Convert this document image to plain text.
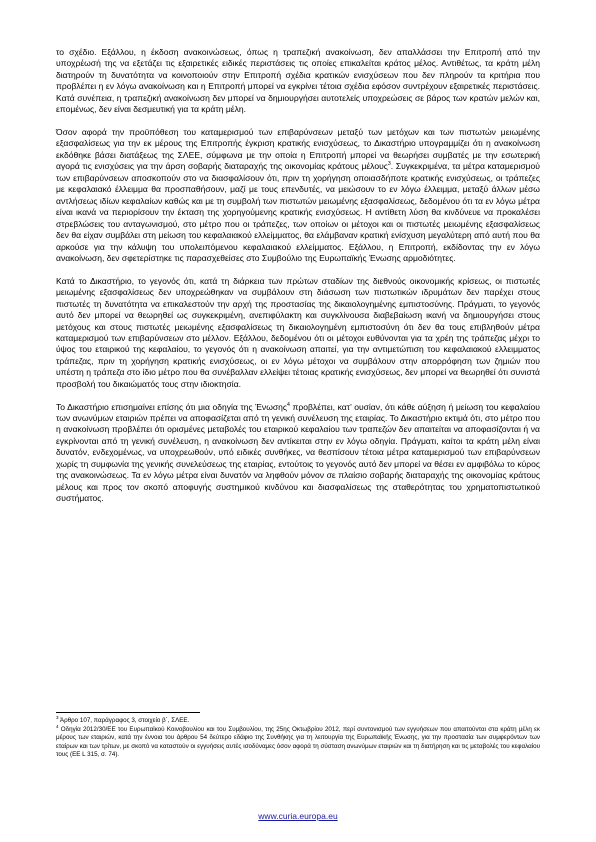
το σχέδιο. Εξάλλου, η έκδοση ανακοινώσεως, όπως η τραπεζική ανακοίνωση, δεν απαλλάσσει την Επιτροπή από την υποχρέωσή της να εξετάζει τις εξαιρετικές ειδικές περιστάσεις τις οποίες επικαλείται κράτος μέλος. Αντιθέτως, τα κράτη μέλη διατηρούν τη δυνατότητα να κοινοποιούν στην Επιτροπή σχέδια κρατικών ενισχύσεων που δεν πληρούν τα κριτήρια που προβλέπει η εν λόγω ανακοίνωση και η Επιτροπή μπορεί να εγκρίνει τέτοια σχέδια εφόσον συντρέχουν εξαιρετικές περιστάσεις. Κατά συνέπεια, η τραπεζική ανακοίνωση δεν μπορεί να δημιουργήσει αυτοτελείς υποχρεώσεις σε βάρος των κρατών μελών και, επομένως, δεν είναι δεσμευτική για τα κράτη μέλη.

Όσον αφορά την προϋπόθεση του καταμερισμού των επιβαρύνσεων μεταξύ των μετόχων και των πιστωτών μειωμένης εξασφαλίσεως για την εκ μέρους της Επιτροπής έγκριση κρατικής ενισχύσεως, το Δικαστήριο υπογραμμίζει ότι η ανακοίνωση εκδόθηκε βάσει διατάξεως της ΣΛΕΕ, σύμφωνα με την οποία η Επιτροπή μπορεί να θεωρήσει συμβατές με την εσωτερική αγορά τις ενισχύσεις για την άρση σοβαρής διαταραχής της οικονομίας κράτους μέλους$^3$. Συγκεκριμένα, τα μέτρα καταμερισμού των επιβαρύνσεων αποσκοπούν στο να διασφαλίσουν ότι, πριν τη χορήγηση οποιασδήποτε κρατικής ενισχύσεως, οι τράπεζες με κεφαλαιακό έλλειμμα θα προσπαθήσουν, μαζί με τους επενδυτές, να μειώσουν το εν λόγω έλλειμμα, μεταξύ άλλων μέσω αντλήσεως ιδίων κεφαλαίων καθώς και με τη συμβολή των πιστωτών μειωμένης εξασφαλίσεως, δεδομένου ότι τα εν λόγω μέτρα είναι ικανά να περιορίσουν την έκταση της χορηγούμενης κρατικής ενισχύσεως. Η αντίθετη λύση θα κινδύνευε να προκαλέσει στρεβλώσεις του ανταγωνισμού, στο μέτρο που οι τράπεζες, των οποίων οι μέτοχοι και οι πιστωτές μειωμένης εξασφαλίσεως δεν θα είχαν συμβάλει στη μείωση του κεφαλαιακού ελλείμματος, θα ελάμβαναν κρατική ενίσχυση μεγαλύτερη από αυτή που θα αρκούσε για την κάλυψη του υπολειπόμενου κεφαλαιακού ελλείμματος. Εξάλλου, η Επιτροπή, εκδίδοντας την εν λόγω ανακοίνωση, δεν σφετερίστηκε τις παρασχεθείσες στο Συμβούλιο της Ευρωπαϊκής Ένωσης αρμοδιότητες.

Κατά το Δικαστήριο, το γεγονός ότι, κατά τη διάρκεια των πρώτων σταδίων της διεθνούς οικονομικής κρίσεως, οι πιστωτές μειωμένης εξασφαλίσεως δεν υποχρεώθηκαν να συμβάλουν στη διάσωση των πιστωτικών ιδρυμάτων δεν παρέχει στους πιστωτές τη δυνατότητα να επικαλεστούν την αρχή της προστασίας της δικαιολογημένης εμπιστοσύνης. Πράγματι, το γεγονός αυτό δεν μπορεί να θεωρηθεί ως συγκεκριμένη, ανεπιφύλακτη και συγκλίνουσα διαβεβαίωση ικανή να δημιουργήσει στους μετόχους και στους πιστωτές μειωμένης εξασφαλίσεως τη δικαιολογημένη εμπιστοσύνη ότι δεν θα τους επιβληθούν μέτρα καταμερισμού των επιβαρύνσεων στο μέλλον. Εξάλλου, δεδομένου ότι οι μέτοχοι ευθύνονται για τα χρέη της τράπεζας μέχρι το ύψος του εταιρικού της κεφαλαίου, το γεγονός ότι η ανακοίνωση απαιτεί, για την αντιμετώπιση του κεφαλαιακού ελλειμματος τράπεζας, πριν τη χορήγηση κρατικής ενισχύσεως, οι εν λόγω μέτοχοι να συμβάλουν στην απορρόφηση των ζημιών που υπέστη η τράπεζα στο ίδιο μέτρο που θα συνέβαλλαν ελλείψει τέτοιας κρατικής ενισχύσεως, δεν μπορεί να θεωρηθεί ότι συνιστά προσβολή του δικαιώματός τους στην ιδιοκτησία.

Το Δικαστήριο επισημαίνει επίσης ότι μια οδηγία της Ένωσης$^4$ προβλέπει, κατ’ ουσίαν, ότι κάθε αύξηση ή μείωση του κεφαλαίου των ανωνύμων εταιριών πρέπει να αποφασίζεται από τη γενική συνέλευση της εταιρίας. Το Δικαστήριο εκτιμά ότι, στο μέτρο που η ανακοίνωση προβλέπει ότι ορισμένες μεταβολές του εταιρικού κεφαλαίου των τραπεζών δεν απαιτείται να αποφασίζονται ή να εγκρίνονται από τη γενική συνέλευση, η ανακοίνωση δεν αντίκειται στην εν λόγω οδηγία. Πράγματι, καίτοι τα κράτη μέλη είναι δυνατόν, ενδεχομένως, να υποχρεωθούν, υπό ειδικές συνθήκες, να θεσπίσουν τέτοια μέτρα καταμερισμού των επιβαρύνσεων χωρίς τη συμφωνία της γενικής συνελεύσεως της εταιρίας, εντούτοις το γεγονός αυτό δεν μπορεί να θέσει εν αμφιβόλω το κύρος της ανακοινώσεως. Τα εν λόγω μέτρα είναι δυνατόν να ληφθούν μόνον σε πλαίσιο σοβαρής διαταραχής της οικονομίας κράτους μέλους και προς τον σκοπό αποφυγής συστημικού κινδύνου και διασφαλίσεως της σταθερότητας του χρηματοπιστωτικού συστήματος.

$^3$ Άρθρο 107, παράγραφος 3, στοιχείο β΄, ΣΛΕΕ.

$^4$ Οδηγία 2012/30/ΕΕ του Ευρωπαϊκού Κοινοβουλίου και του Συμβουλίου, της 25ης Οκτωβρίου 2012, περί συντονισμού των εγγυήσεων που απαιτούνται στα κράτη μέλη εκ μέρους των εταιριών, κατά την έννοια του άρθρου 54 δεύτερο εδάφιο της Συνθήκης για τη λειτουργία της Ευρωπαϊκής Ένωσης, για την προστασία των συμφερόντων των εταίρων και των τρίτων, με σκοπό να καταστούν οι εγγυήσεις αυτές ισοδύναμες όσον αφορά τη σύσταση ανωνύμων εταιριών και τη διατήρηση και τις μεταβολές του κεφαλαίου τους (EE L 315, σ. 74).

www.curia.europa.eu
